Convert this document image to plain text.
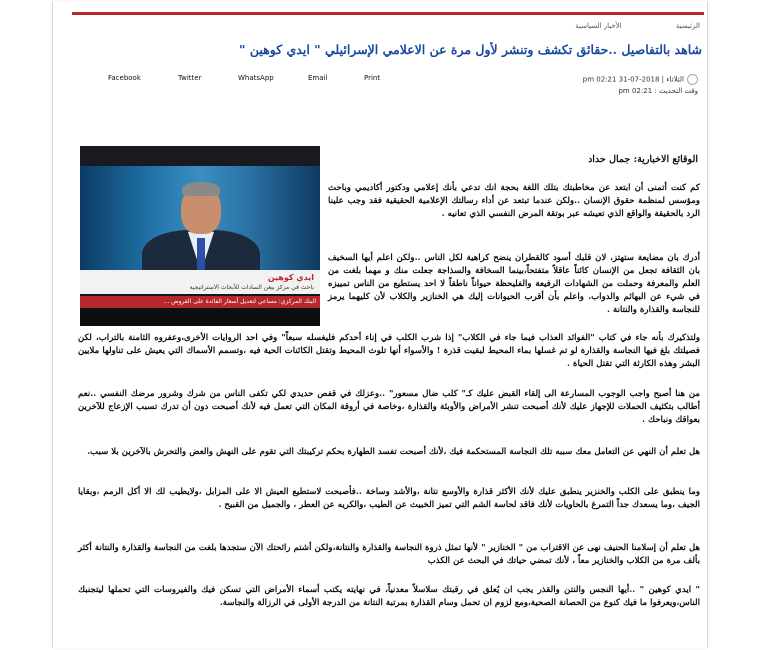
الرئيسية الأخبار السياسية
شاهد بالتفاصيل ..حقائق تكشف وتنشر لأول مرة عن الاعلامي الإسرائيلي " ايدي كوهين "
الثلاثاء | 2018-07-31 pm 02:21
وقت التحديث : pm 02:21
Facebook	Twitter	WhatsApp	Email	Print
ايدي كوهين
باحث في مركز بيغن السادات للأبحاث الاستراتيجية
البنك المركزي: مساعي لتعديل أسعار الفائدة على القروض ...
الوقائع الاخبارية: جمال حداد
كم كنت أتمنى أن ابتعد عن مخاطبتك بتلك اللغة بحجة انك تدعي بأنك إعلامي ودكتور أكاديمي وباحث ومؤسس لمنظمة حقوق الإنسان ..ولكن عندما تبتعد عن أداء رسالتك الإعلامية الحقيقية فقد وجب علينا الرد بالحقيقة والواقع الذي تعيشه عبر بوتقة المرض النفسي الذي تعانيه .
أدرك بان مضايعة ستهتز، لان قلبك أسود كالقطران ينضح كراهية لكل الناس ..ولكن اعلم أيها السخيف بان الثقافة تجعل من الإنسان كائناً عاقلاً متفتحاً،بينما السخافة والسذاجة جعلت منك و مهما بلغت من العلم والمعرفة وحملت من الشهادات الرفيعة والفليحظة حيواناً ناطقاً لا احد يستطيع من الناس تمييزه في شيء عن البهائم والدواب. واعلم بأن أقرب الحيوانات إليك هي الخنازير والكلاب لأن كليهما يرمز للنجاسة والقذارة والنتانة .
ولتذكيرك بأنه جاء في كتاب "الفوائد العذاب فيما جاء في الكلاب" إذا شرب الكلب في إناء أحدكم فليغسله سبعاً" وفي احد الروايات الأخرى،وعفروه الثامنة بالتراب، لكن فصيلتك بلغ فيها النجاسة والقذارة لو تم غسلها بماء المحيط لبقيت قذرة ! والأسواء أنها تلوث المحيط وتقتل الكائنات الحية فيه ،وتسمم الأسماك التي يعيش على تناولها ملايين البشر وهذه الكارثة التي تقتل الحياة .
من هنا أصبح واجب الوجوب المسارعة الى إلقاء القبض عليك كـ" كلب ضال مسعور" ..وعزلك في قفص حديدي لكي تكفى الناس من شرك وشرور مرضك النفسي ..نعم أطالب بتكثيف الحملات للإجهاز عليك لأنك أصبحت تنشر الأمراض والأوبئة والقذارة ،وخاصة في أروقة المكان التي تعمل فيه لأنك أصبحت دون أن تدرك تسبب الإزعاج للآخرين بعواقك ونباحك .
هل تعلم أن النهي عن التعامل معك سببه تلك النجاسة المستحكمة فيك ،لأنك أصبحت تفسد الطهارة بحكم تركيبتك التي تقوم على النهش والعض والتحرش بالآخرين بلا سبب.
وما ينطبق على الكلب والخنزير ينطبق عليك لأنك الأكثر قذارة والأوسع نتانة ،والأشد وساخة ..فأصبحت لاستطيع العيش الا على المزابل ،ولايطيب لك الا أكل الرمم ،وبقايا الجيف ،وما يسعدك جداً التمرغ بالحاويات لأنك فاقد لحاسة الشم التي تميز الخبيث عن الطيب ،والكريه عن العطر ، والجميل من القبيح .
هل تعلم أن إسلامنا الحنيف نهى عن الاقتراب من " الخنازير " لأنها تمثل ذروة النجاسة والقذارة والنتانة،ولكن أشتم رائحتك الآن ستجدها بلغت من النجاسة والقذارة والنتانة أكثر بألف مرة من الكلاب والخنازير معاً ، لأنك تمضي حياتك في البحث عن الكذب
" ايدي كوهين " ..أيها النجس والنتن والقذر يجب ان يُعلق في رقبتك سلاسلاً معدنياً، في نهايته يكتب أسماء الأمراض التي تسكن فيك والفيروسات التي تحملها ليتجنبك الناس،ويعرفوا ما فيك كنوع من الحصانة الصحية،ومع لزوم ان تحمل وسام القذارة بمرتبة النتانة من الدرجة الأولى في الرزالة والنجاسة.
